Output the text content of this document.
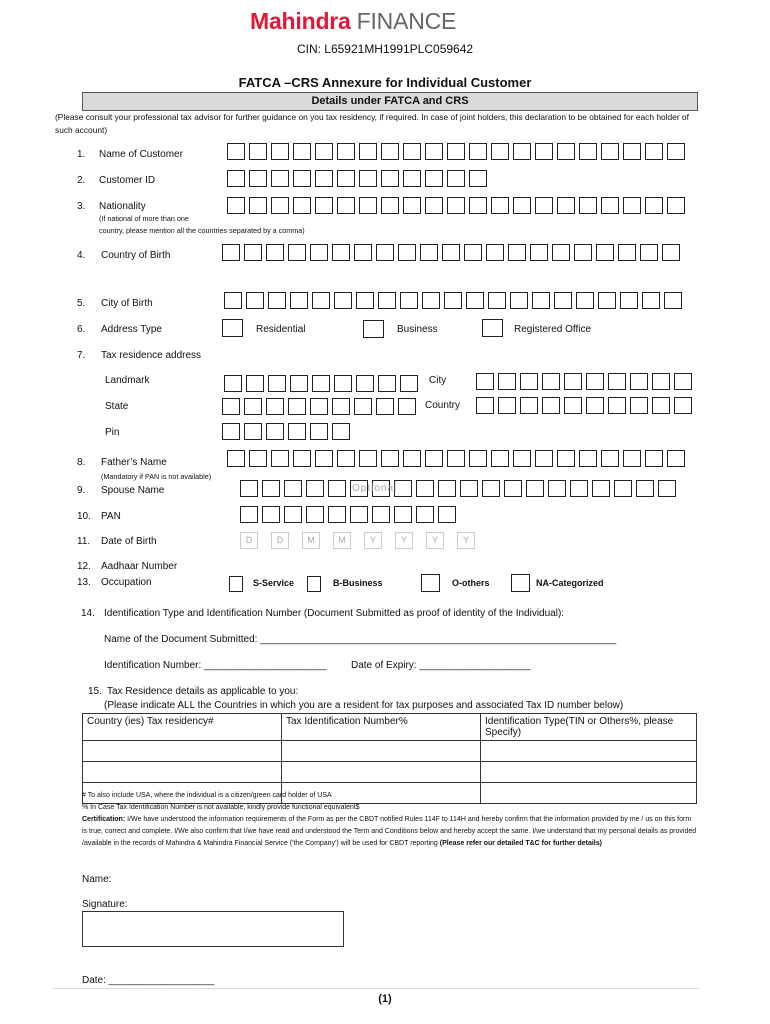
Mahindra FINANCE
CIN: L65921MH1991PLC059642
FATCA –CRS Annexure for Individual Customer
Details under FATCA and CRS
(Please consult your professional tax advisor for further guidance on you tax residency, if required. In case of joint holders, this declaration to be obtained for each holder of such account)
1. Name of Customer
2. Customer ID
3. Nationality
(If national of more than one
country, please mention all the countries separated by a comma)
4. Country of Birth
5. City of Birth
6. Address Type	Residential	Business	Registered Office
7. Tax residence address
Landmark	City
State	Country
Pin
8. Father’s Name
(Mandatory if PAN is not available)
9. Spouse Name	Optional
10. PAN
11. Date of Birth	D	D	M	M	Y	Y	Y	Y
12. Aadhaar Number
13. Occupation	S-Service	B-Business	O-others	NA-Categorized
14. Identification Type and Identification Number (Document Submitted as proof of identity of the Individual):
Name of the Document Submitted: ________________________________________________________________
Identification Number: ______________________ Date of Expiry: ____________________
15. Tax Residence details as applicable to you:
(Please indicate ALL the Countries in which you are a resident for tax purposes and associated Tax ID number below)
Country (ies) Tax residency#	Tax Identification Number%	Identification Type(TIN or Others%, please Specify)

# To also include USA, where the individual is a citizen/green card holder of USA
% In Case Tax Identification Number is not available, kindly provide functional equivalent$
Certification: I/We have understood the information requirements of the Form as per the CBDT notified Rules 114F to 114H and hereby confirm that the information provided by me / us on this form is true, correct and complete. I/We also confirm that I/we have read and understood the Term and Conditions below and hereby accept the same. I/we understand that my personal details as provided /available in the records of Mahindra & Mahindra Financial Service ('the Company') will be used for CBDT reporting (Please refer our detailed T&C for further details)
Name:
Signature:
Date: ___________________
(1)
